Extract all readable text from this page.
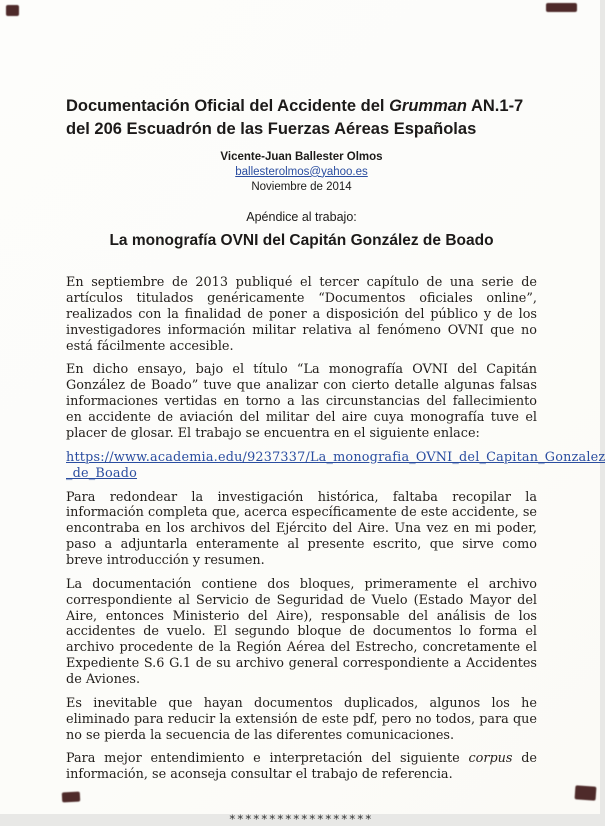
Documentación Oficial del Accidente del Grumman AN.1-7
del 206 Escuadrón de las Fuerzas Aéreas Españolas
Vicente-Juan Ballester Olmos
ballesterolmos@yahoo.es
Noviembre de 2014
Apéndice al trabajo:
La monografía OVNI del Capitán González de Boado

En septiembre de 2013 publiqué el tercer capítulo de una serie de artículos titulados genéricamente “Documentos oficiales online”, realizados con la finalidad de poner a disposición del público y de los investigadores información militar relativa al fenómeno OVNI que no está fácilmente accesible.

En dicho ensayo, bajo el título “La monografía OVNI del Capitán González de Boado” tuve que analizar con cierto detalle algunas falsas informaciones vertidas en torno a las circunstancias del fallecimiento en accidente de aviación del militar del aire cuya monografía tuve el placer de glosar. El trabajo se encuentra en el siguiente enlace:

https://www.academia.edu/9237337/La_monografia_OVNI_del_Capitan_Gonzalez
_de_Boado

Para redondear la investigación histórica, faltaba recopilar la información completa que, acerca específicamente de este accidente, se encontraba en los archivos del Ejército del Aire. Una vez en mi poder, paso a adjuntarla enteramente al presente escrito, que sirve como breve introducción y resumen.

La documentación contiene dos bloques, primeramente el archivo correspondiente al Servicio de Seguridad de Vuelo (Estado Mayor del Aire, entonces Ministerio del Aire), responsable del análisis de los accidentes de vuelo. El segundo bloque de documentos lo forma el archivo procedente de la Región Aérea del Estrecho, concretamente el Expediente S.6 G.1 de su archivo general correspondiente a Accidentes de Aviones.

Es inevitable que hayan documentos duplicados, algunos los he eliminado para reducir la extensión de este pdf, pero no todos, para que no se pierda la secuencia de las diferentes comunicaciones.

Para mejor entendimiento e interpretación del siguiente corpus de información, se aconseja consultar el trabajo de referencia.

******************
